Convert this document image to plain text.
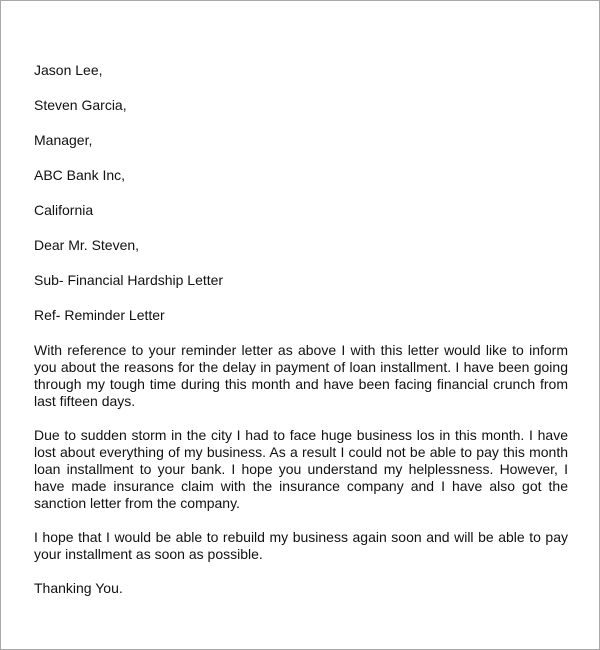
Jason Lee,
Steven Garcia,
Manager,
ABC Bank Inc,
California
Dear Mr. Steven,
Sub- Financial Hardship Letter
Ref- Reminder Letter
With reference to your reminder letter as above I with this letter would like to inform you about the reasons for the delay in payment of loan installment. I have been going through my tough time during this month and have been facing financial crunch from last fifteen days.
Due to sudden storm in the city I had to face huge business los in this month. I have lost about everything of my business. As a result I could not be able to pay this month loan installment to your bank. I hope you understand my helplessness. However, I have made insurance claim with the insurance company and I have also got the sanction letter from the company.
I hope that I would be able to rebuild my business again soon and will be able to pay your installment as soon as possible.
Thanking You.
